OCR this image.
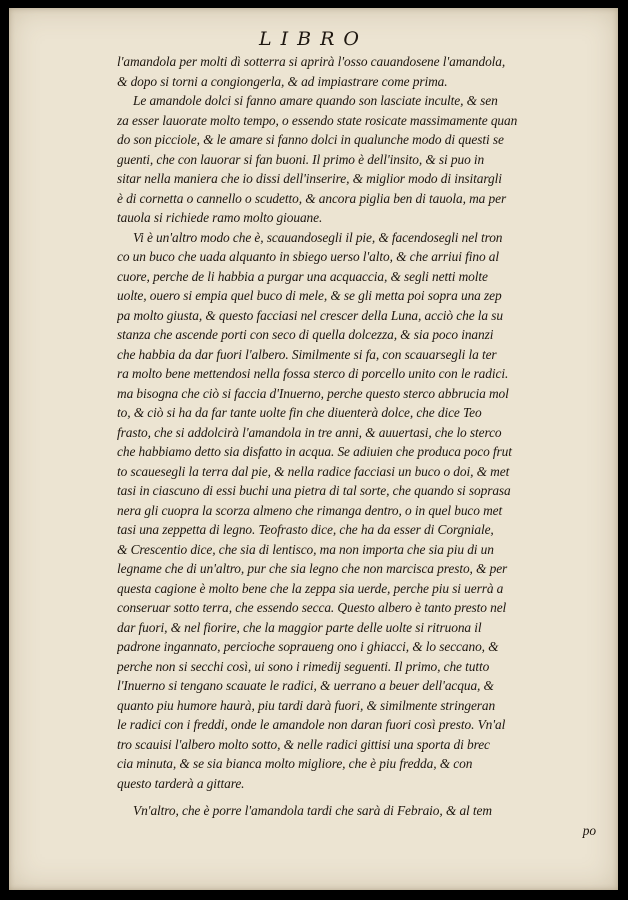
LIBRO
l'amandola per molti dì sotterra si aprirà l'osso cauandosene l'amandola,
& dopo si torni a congiongerla, & ad impiastrare come prima.
Le amandole dolci si fanno amare quando son lasciate inculte, & sen
za esser lauorate molto tempo, o essendo state rosicate massimamente quan
do son picciole, & le amare si fanno dolci in qualunche modo di questi se
guenti, che con lauorar si fan buoni. Il primo è dell'insito, & si puo in
sitar nella maniera che io dissi dell'inserire, & miglior modo di insitargli
è di cornetta o cannello o scudetto, & ancora piglia ben di tauola, ma per
tauola si richiede ramo molto giouane.
Vi è un'altro modo che è, scauandosegli il pie, & facendosegli nel tron
co un buco che uada alquanto in sbiego uerso l'alto, & che arriui fino al
cuore, perche de li habbia a purgar una acquaccia, & segli netti molte
uolte, ouero si empia quel buco di mele, & se gli metta poi sopra una zep
pa molto giusta, & questo facciasi nel crescer della Luna, acciò che la su
stanza che ascende porti con seco di quella dolcezza, & sia poco inanzi
che habbia da dar fuori l'albero. Similmente si fa, con scauarsegli la ter
ra molto bene mettendosi nella fossa sterco di porcello unito con le radici.
ma bisogna che ciò si faccia d'Inuerno, perche questo sterco abbrucia mol
to, & ciò si ha da far tante uolte fin che diuenterà dolce, che dice Teo
frasto, che si addolcirà l'amandola in tre anni, & auuertasi, che lo sterco
che habbiamo detto sia disfatto in acqua. Se adiuien che produca poco frut
to scauesegli la terra dal pie, & nella radice facciasi un buco o doi, & met
tasi in ciascuno di essi buchi una pietra di tal sorte, che quando si soprasa
nera gli cuopra la scorza almeno che rimanga dentro, o in quel buco met
tasi una zeppetta di legno. Teofrasto dice, che ha da esser di Corgniale,
& Crescentio dice, che sia di lentisco, ma non importa che sia piu di un
legname che di un'altro, pur che sia legno che non marcisca presto, & per
questa cagione è molto bene che la zeppa sia uerde, perche piu si uerrà a
conseruar sotto terra, che essendo secca. Questo albero è tanto presto nel
dar fuori, & nel fiorire, che la maggior parte delle uolte si ritruona il
padrone ingannato, percioche sopraueng ono i ghiacci, & lo seccano, &
perche non si secchi così, ui sono i rimedij seguenti. Il primo, che tutto
l'Inuerno si tengano scauate le radici, & uerrano a beuer dell'acqua, &
quanto piu humore haurà, piu tardi darà fuori, & similmente stringeran
le radici con i freddi, onde le amandole non daran fuori così presto. Vn'al
tro scauisi l'albero molto sotto, & nelle radici gittisi una sporta di brec
cia minuta, & se sia bianca molto migliore, che è piu fredda, & con
questo tarderà a gittare.
Vn'altro, che è porre l'amandola tardi che sarà di Febraio, & al tem
po
